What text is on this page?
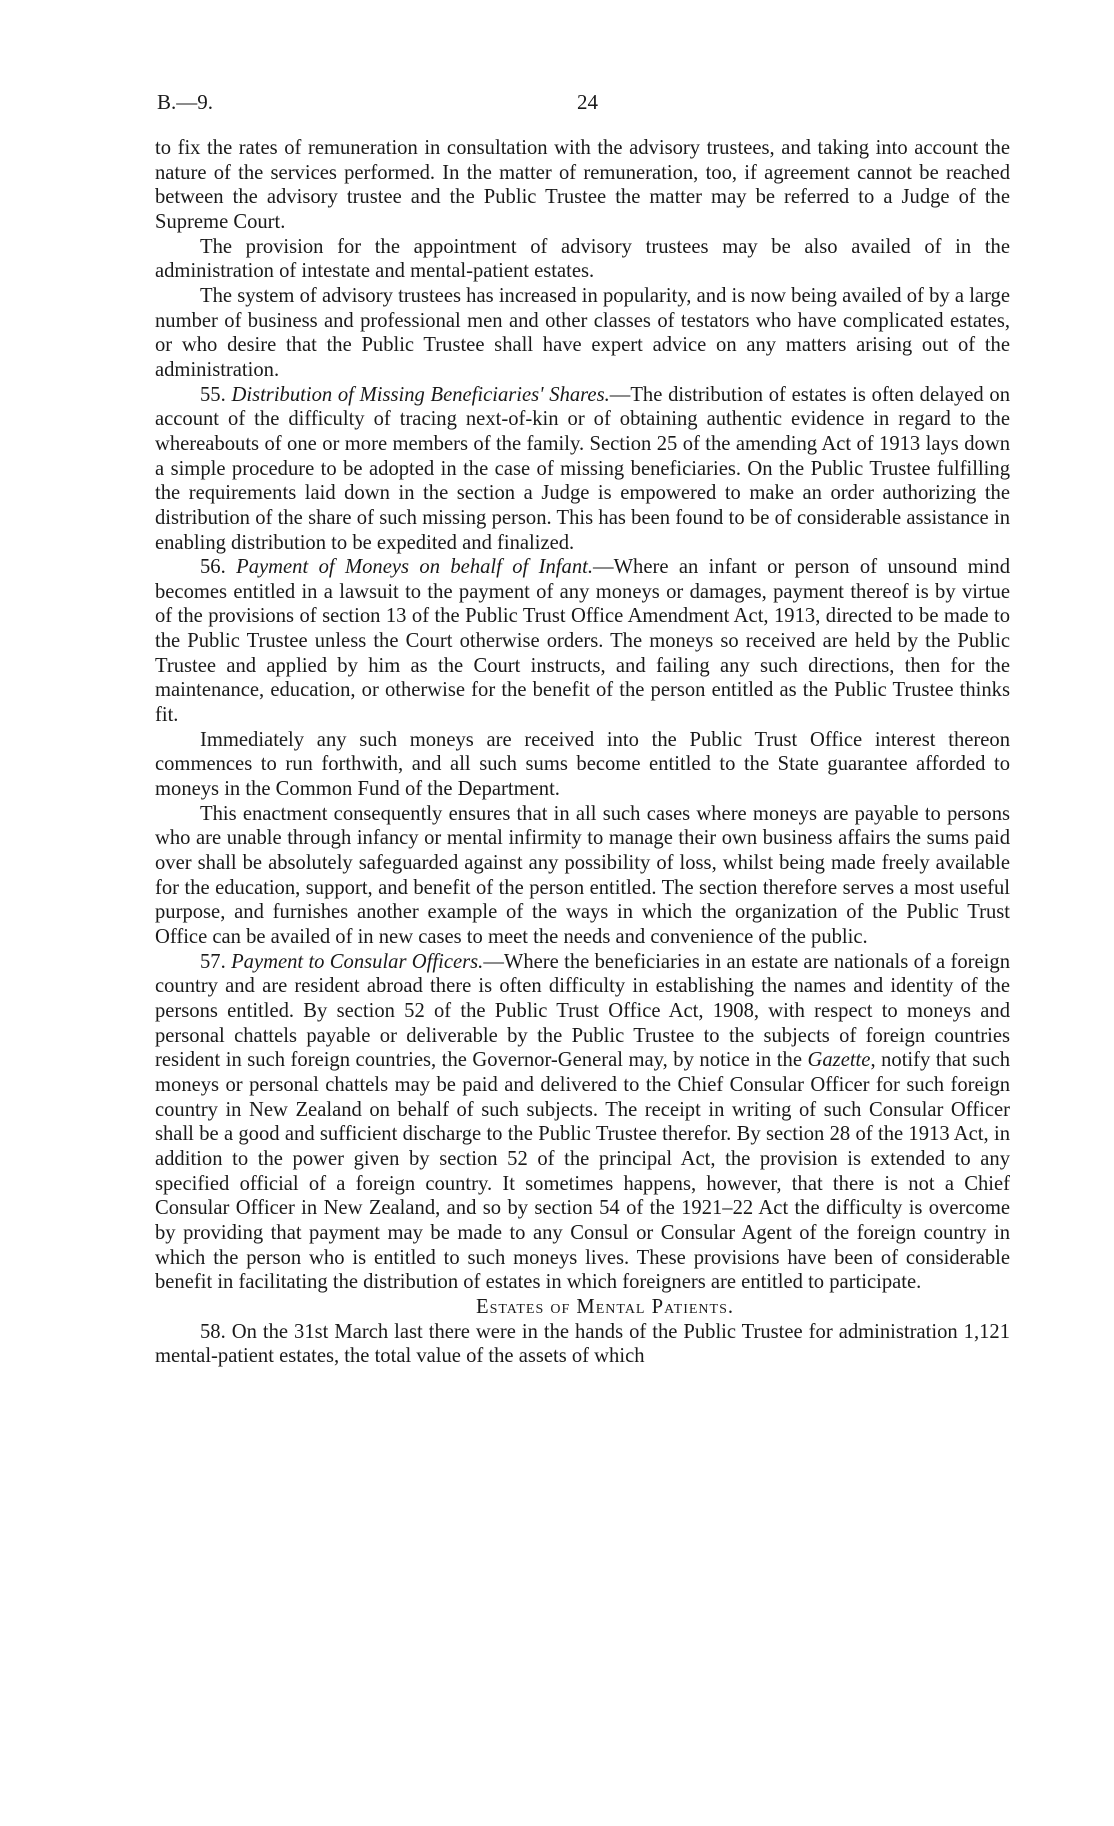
B.—9.	24

to fix the rates of remuneration in consultation with the advisory trustees, and taking into account the nature of the services performed. In the matter of remuneration, too, if agreement cannot be reached between the advisory trustee and the Public Trustee the matter may be referred to a Judge of the Supreme Court.

The provision for the appointment of advisory trustees may be also availed of in the administration of intestate and mental-patient estates.

The system of advisory trustees has increased in popularity, and is now being availed of by a large number of business and professional men and other classes of testators who have complicated estates, or who desire that the Public Trustee shall have expert advice on any matters arising out of the administration.

55. Distribution of Missing Beneficiaries' Shares.—The distribution of estates is often delayed on account of the difficulty of tracing next-of-kin or of obtaining authentic evidence in regard to the whereabouts of one or more members of the family. Section 25 of the amending Act of 1913 lays down a simple procedure to be adopted in the case of missing beneficiaries. On the Public Trustee fulfilling the requirements laid down in the section a Judge is empowered to make an order authorizing the distribution of the share of such missing person. This has been found to be of considerable assistance in enabling distribution to be expedited and finalized.

56. Payment of Moneys on behalf of Infant.—Where an infant or person of unsound mind becomes entitled in a lawsuit to the payment of any moneys or damages, payment thereof is by virtue of the provisions of section 13 of the Public Trust Office Amendment Act, 1913, directed to be made to the Public Trustee unless the Court otherwise orders. The moneys so received are held by the Public Trustee and applied by him as the Court instructs, and failing any such directions, then for the maintenance, education, or otherwise for the benefit of the person entitled as the Public Trustee thinks fit.

Immediately any such moneys are received into the Public Trust Office interest thereon commences to run forthwith, and all such sums become entitled to the State guarantee afforded to moneys in the Common Fund of the Department.

This enactment consequently ensures that in all such cases where moneys are payable to persons who are unable through infancy or mental infirmity to manage their own business affairs the sums paid over shall be absolutely safeguarded against any possibility of loss, whilst being made freely available for the education, support, and benefit of the person entitled. The section therefore serves a most useful purpose, and furnishes another example of the ways in which the organization of the Public Trust Office can be availed of in new cases to meet the needs and convenience of the public.

57. Payment to Consular Officers.—Where the beneficiaries in an estate are nationals of a foreign country and are resident abroad there is often difficulty in establishing the names and identity of the persons entitled. By section 52 of the Public Trust Office Act, 1908, with respect to moneys and personal chattels payable or deliverable by the Public Trustee to the subjects of foreign countries resident in such foreign countries, the Governor-General may, by notice in the Gazette, notify that such moneys or personal chattels may be paid and delivered to the Chief Consular Officer for such foreign country in New Zealand on behalf of such subjects. The receipt in writing of such Consular Officer shall be a good and sufficient discharge to the Public Trustee therefor. By section 28 of the 1913 Act, in addition to the power given by section 52 of the principal Act, the provision is extended to any specified official of a foreign country. It sometimes happens, however, that there is not a Chief Consular Officer in New Zealand, and so by section 54 of the 1921–22 Act the difficulty is overcome by providing that payment may be made to any Consul or Consular Agent of the foreign country in which the person who is entitled to such moneys lives. These provisions have been of considerable benefit in facilitating the distribution of estates in which foreigners are entitled to participate.

Estates of Mental Patients.

58. On the 31st March last there were in the hands of the Public Trustee for administration 1,121 mental-patient estates, the total value of the assets of which
